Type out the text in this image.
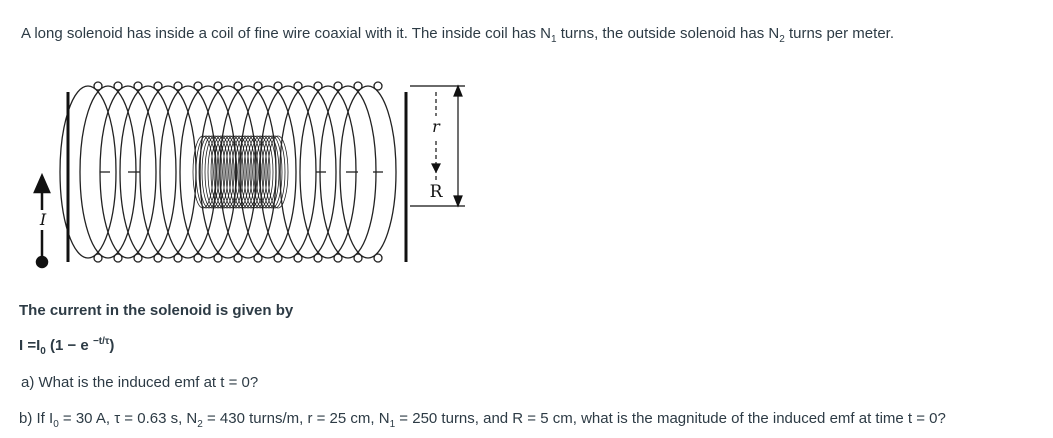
A long solenoid has inside a coil of fine wire coaxial with it. The inside coil has $N_1$ turns, the outside solenoid has $N_2$ turns per meter.
I
r
R
The current in the solenoid is given by
$I =I_0$ (1 − e $^{-t/\tau}$)
a) What is the induced emf at t = 0?
b) If $I_0 = 30$ A, τ = 0.63 s, $N_2 = 430$ turns/m, r = 25 cm, $N_1 = 250$ turns, and R = 5 cm, what is the magnitude of the induced emf at time t = 0?
